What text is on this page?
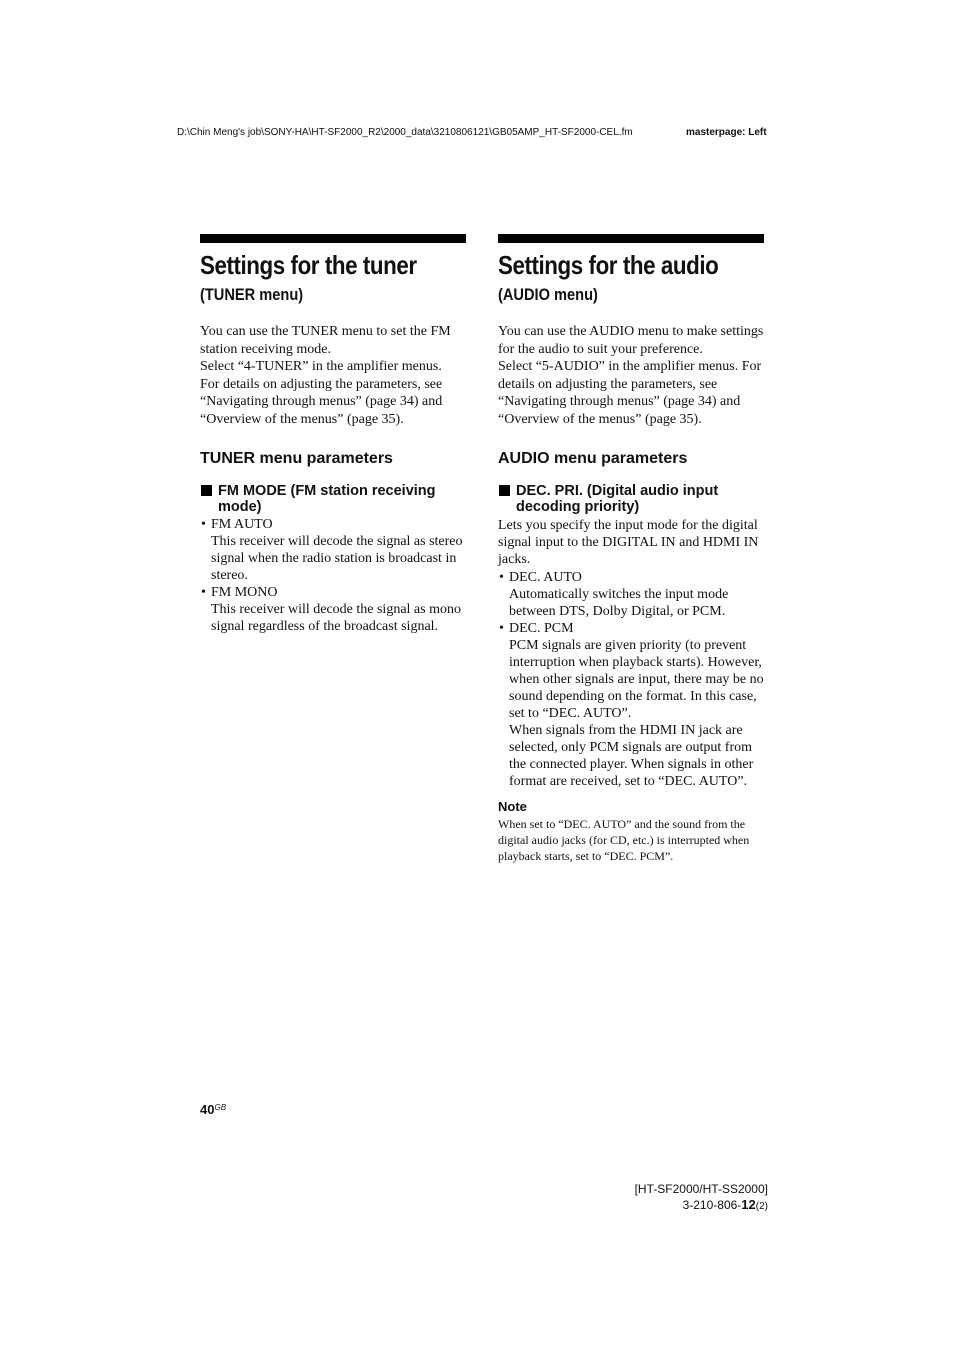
D:\Chin Meng's job\SONY-HA\HT-SF2000_R2\2000_data\3210806121\GB05AMP_HT-SF2000-CEL.fm	masterpage: Left
Settings for the tuner
(TUNER menu)

You can use the TUNER menu to set the FM station receiving mode.

Select “4-TUNER” in the amplifier menus.

For details on adjusting the parameters, see “Navigating through menus” (page 34) and “Overview of the menus” (page 35).

TUNER menu parameters
FM MODE (FM station receiving mode)
• FM AUTO

This receiver will decode the signal as stereo signal when the radio station is broadcast in stereo.

• FM MONO

This receiver will decode the signal as mono signal regardless of the broadcast signal.

Settings for the audio
(AUDIO menu)

You can use the AUDIO menu to make settings for the audio to suit your preference.

Select “5-AUDIO” in the amplifier menus. For details on adjusting the parameters, see “Navigating through menus” (page 34) and “Overview of the menus” (page 35).

AUDIO menu parameters
DEC. PRI. (Digital audio input decoding priority)

Lets you specify the input mode for the digital signal input to the DIGITAL IN and HDMI IN jacks.

• DEC. AUTO

Automatically switches the input mode between DTS, Dolby Digital, or PCM.

• DEC. PCM

PCM signals are given priority (to prevent interruption when playback starts). However, when other signals are input, there may be no sound depending on the format. In this case, set to “DEC. AUTO”.

When signals from the HDMI IN jack are selected, only PCM signals are output from the connected player. When signals in other format are received, set to “DEC. AUTO”.

Note

When set to “DEC. AUTO” and the sound from the digital audio jacks (for CD, etc.) is interrupted when playback starts, set to “DEC. PCM”.

$40^{GB}$
[HT-SF2000/HT-SS2000]
3-210-806-12(2)
